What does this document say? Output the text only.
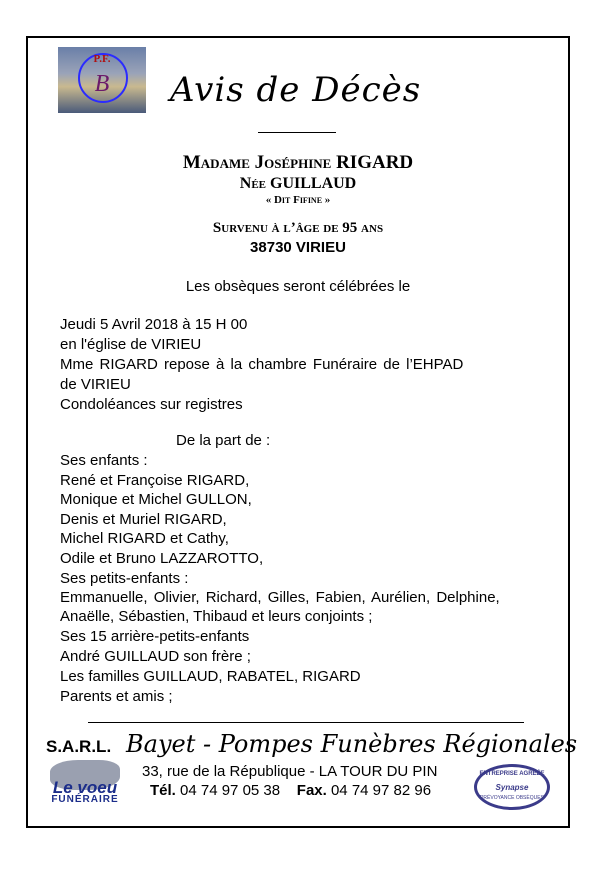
P.F.
B	Avis de Décès
Madame Joséphine RIGARD
Née GUILLAUD
« Dit Fifine »
Survenu à l’âge de 95 ans
38730 VIRIEU
Les obsèques seront célébrées le
Jeudi 5 Avril 2018 à 15 H 00
en l'église de VIRIEU
Mme RIGARD repose à la chambre Funéraire de l’EHPAD
de VIRIEU
Condoléances sur registres
De la part de :
Ses enfants :
René et Françoise RIGARD,
Monique et Michel GULLON,
Denis et Muriel RIGARD,
Michel RIGARD et Cathy,
Odile et Bruno LAZZAROTTO,
Ses petits-enfants :
Emmanuelle, Olivier, Richard, Gilles, Fabien, Aurélien, Delphine,
Anaëlle, Sébastien, Thibaud et leurs conjoints ;
Ses 15 arrière-petits-enfants
André GUILLAUD son frère ;
Les familles GUILLAUD, RABATEL, RIGARD
Parents et amis ;
S.A.R.L. Bayet - Pompes Funèbres Régionales
Le voeu
FUNÉRAIRE
33, rue de la République - LA TOUR DU PIN
Tél. 04 74 97 05 38 Fax. 04 74 97 82 96
ENTREPRISE AGRÉÉE
Synapse
PRÉVOYANCE OBSÈQUES
